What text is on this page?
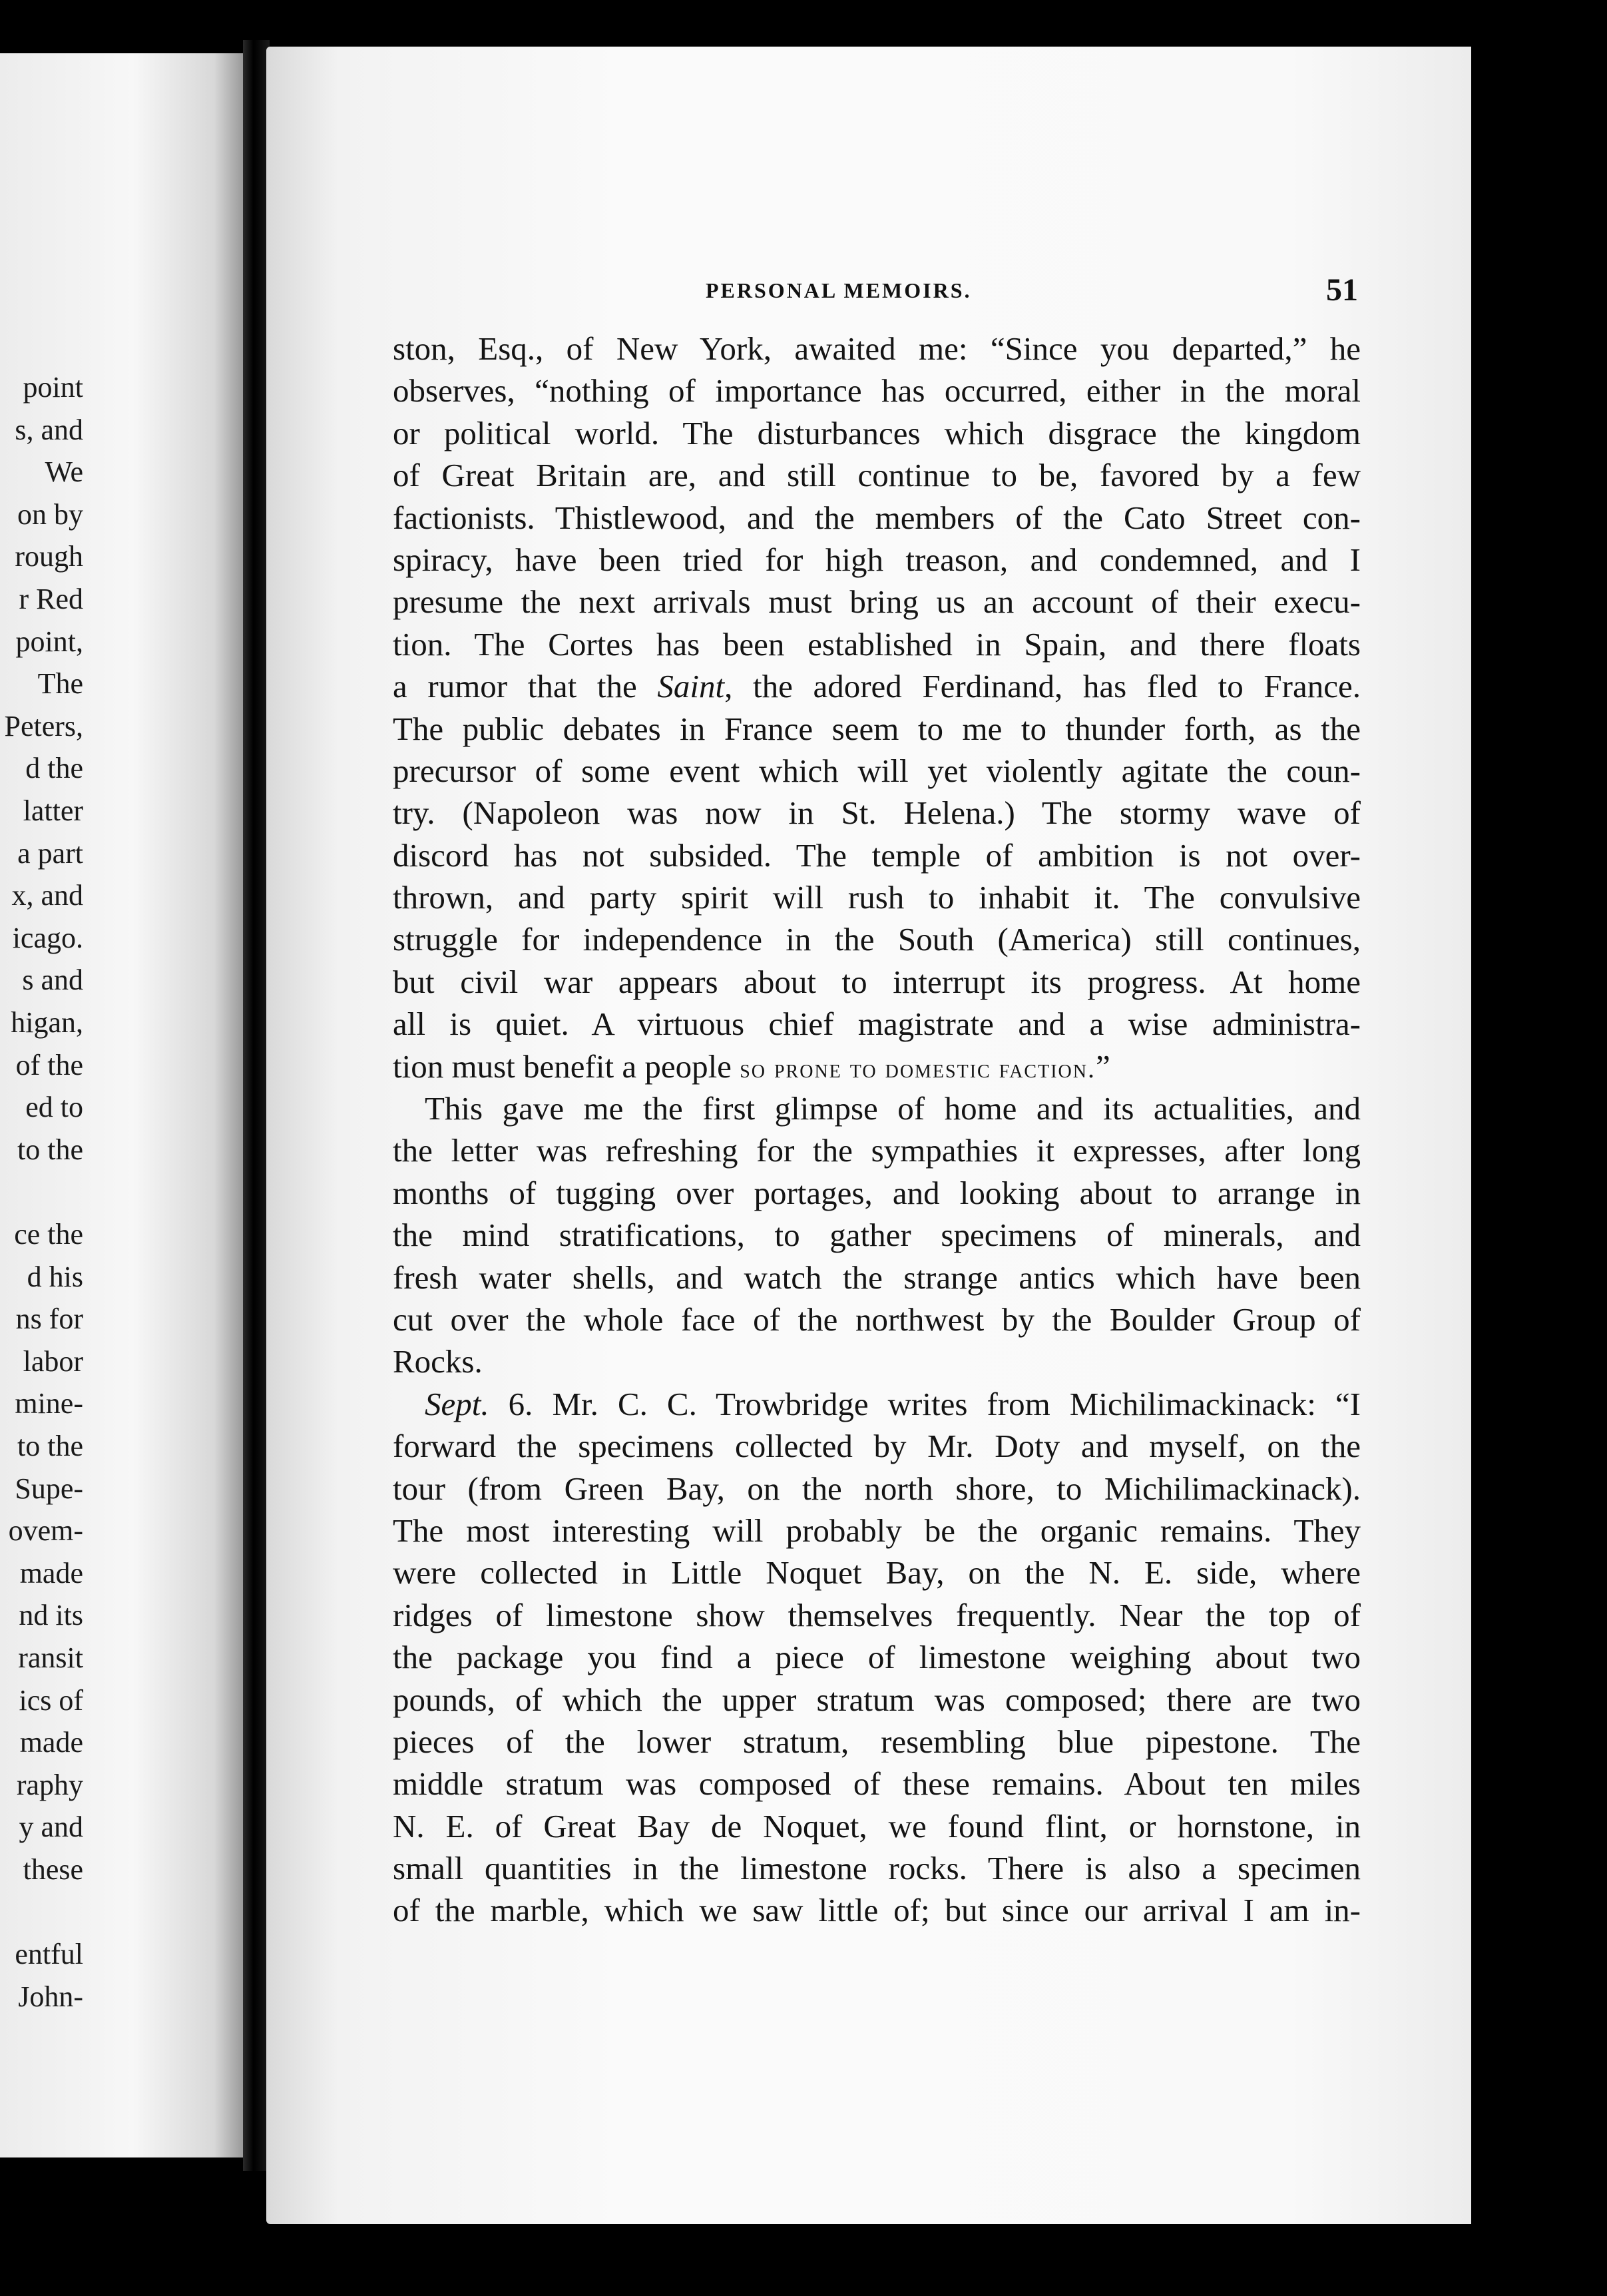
point
s, and
We
on by
rough
r Red
point,
The
Peters,
d the
latter
a part
x, and
icago.
s and
higan,
of the
ed to
to the
ce the
d his
ns for
labor
mine-
to the
Supe-
ovem-
made
nd its
ransit
ics of
made
raphy
y and
these
entful
John-
PERSONAL MEMOIRS.	51
ston, Esq., of New York, awaited me: “Since you departed,” he
observes, “nothing of importance has occurred, either in the moral
or political world. The disturbances which disgrace the kingdom
of Great Britain are, and still continue to be, favored by a few
factionists. Thistlewood, and the members of the Cato Street con-
spiracy, have been tried for high treason, and condemned, and I
presume the next arrivals must bring us an account of their execu-
tion. The Cortes has been established in Spain, and there floats
a rumor that the Saint, the adored Ferdinand, has fled to France.
The public debates in France seem to me to thunder forth, as the
precursor of some event which will yet violently agitate the coun-
try. (Napoleon was now in St. Helena.) The stormy wave of
discord has not subsided. The temple of ambition is not over-
thrown, and party spirit will rush to inhabit it. The convulsive
struggle for independence in the South (America) still continues,
but civil war appears about to interrupt its progress. At home
all is quiet. A virtuous chief magistrate and a wise administra-
tion must benefit a people so prone to domestic faction.”
This gave me the first glimpse of home and its actualities, and
the letter was refreshing for the sympathies it expresses, after long
months of tugging over portages, and looking about to arrange in
the mind stratifications, to gather specimens of minerals, and
fresh water shells, and watch the strange antics which have been
cut over the whole face of the northwest by the Boulder Group of
Rocks.
Sept. 6. Mr. C. C. Trowbridge writes from Michilimackinack: “I
forward the specimens collected by Mr. Doty and myself, on the
tour (from Green Bay, on the north shore, to Michilimackinack).
The most interesting will probably be the organic remains. They
were collected in Little Noquet Bay, on the N. E. side, where
ridges of limestone show themselves frequently. Near the top of
the package you find a piece of limestone weighing about two
pounds, of which the upper stratum was composed; there are two
pieces of the lower stratum, resembling blue pipestone. The
middle stratum was composed of these remains. About ten miles
N. E. of Great Bay de Noquet, we found flint, or hornstone, in
small quantities in the limestone rocks. There is also a specimen
of the marble, which we saw little of; but since our arrival I am in-
